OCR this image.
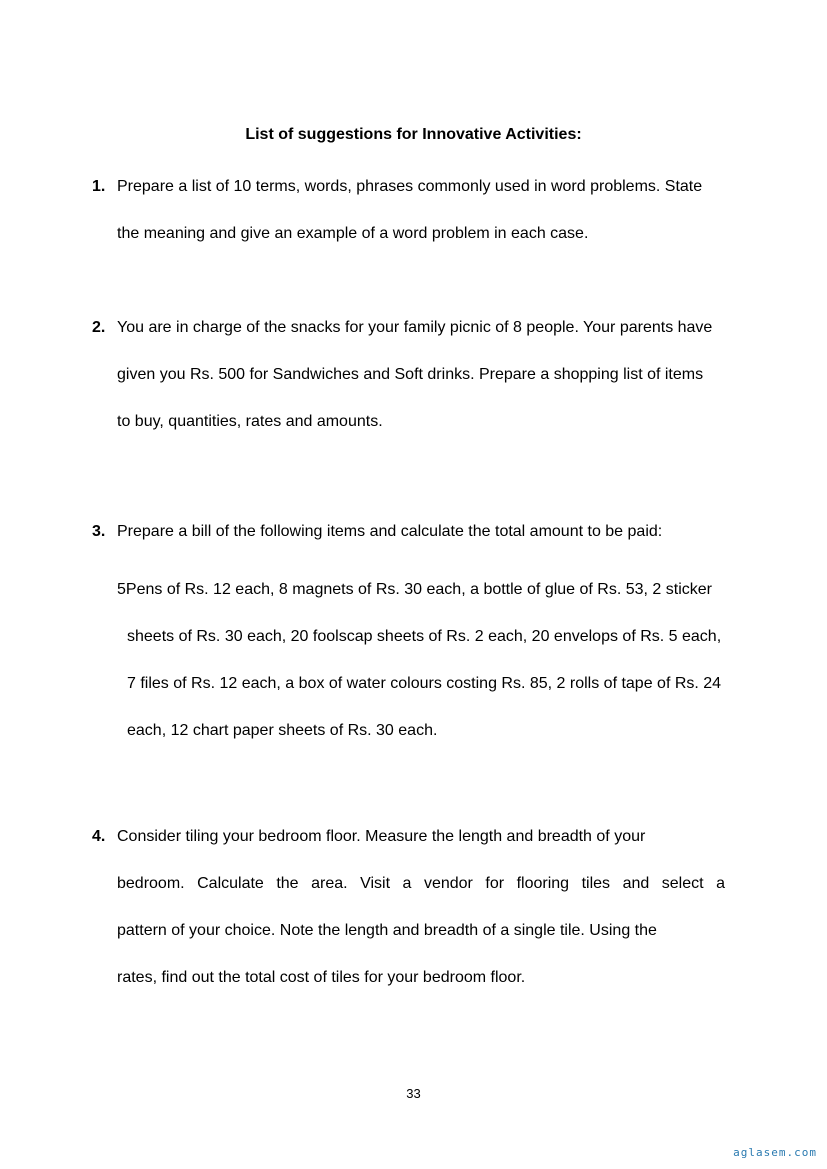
List of suggestions for Innovative Activities:
1. Prepare a list of 10 terms, words, phrases commonly used in word problems. State
the meaning and give an example of a word problem in each case.
2. You are in charge of the snacks for your family picnic of 8 people. Your parents have
given you Rs. 500 for Sandwiches and Soft drinks. Prepare a shopping list of items
to buy, quantities, rates and amounts.
3. Prepare a bill of the following items and calculate the total amount to be paid:
5Pens of Rs. 12 each, 8 magnets of Rs. 30 each, a bottle of glue of Rs. 53, 2 sticker
sheets of Rs. 30 each, 20 foolscap sheets of Rs. 2 each, 20 envelops of Rs. 5 each,
7 files of Rs. 12 each, a box of water colours costing Rs. 85, 2 rolls of tape of Rs. 24
each, 12 chart paper sheets of Rs. 30 each.
4. Consider tiling your bedroom floor. Measure the length and breadth of your
bedroom. Calculate the area. Visit a vendor for flooring tiles and select a
pattern of your choice. Note the length and breadth of a single tile. Using the
rates, find out the total cost of tiles for your bedroom floor.
33
aglasem.com
